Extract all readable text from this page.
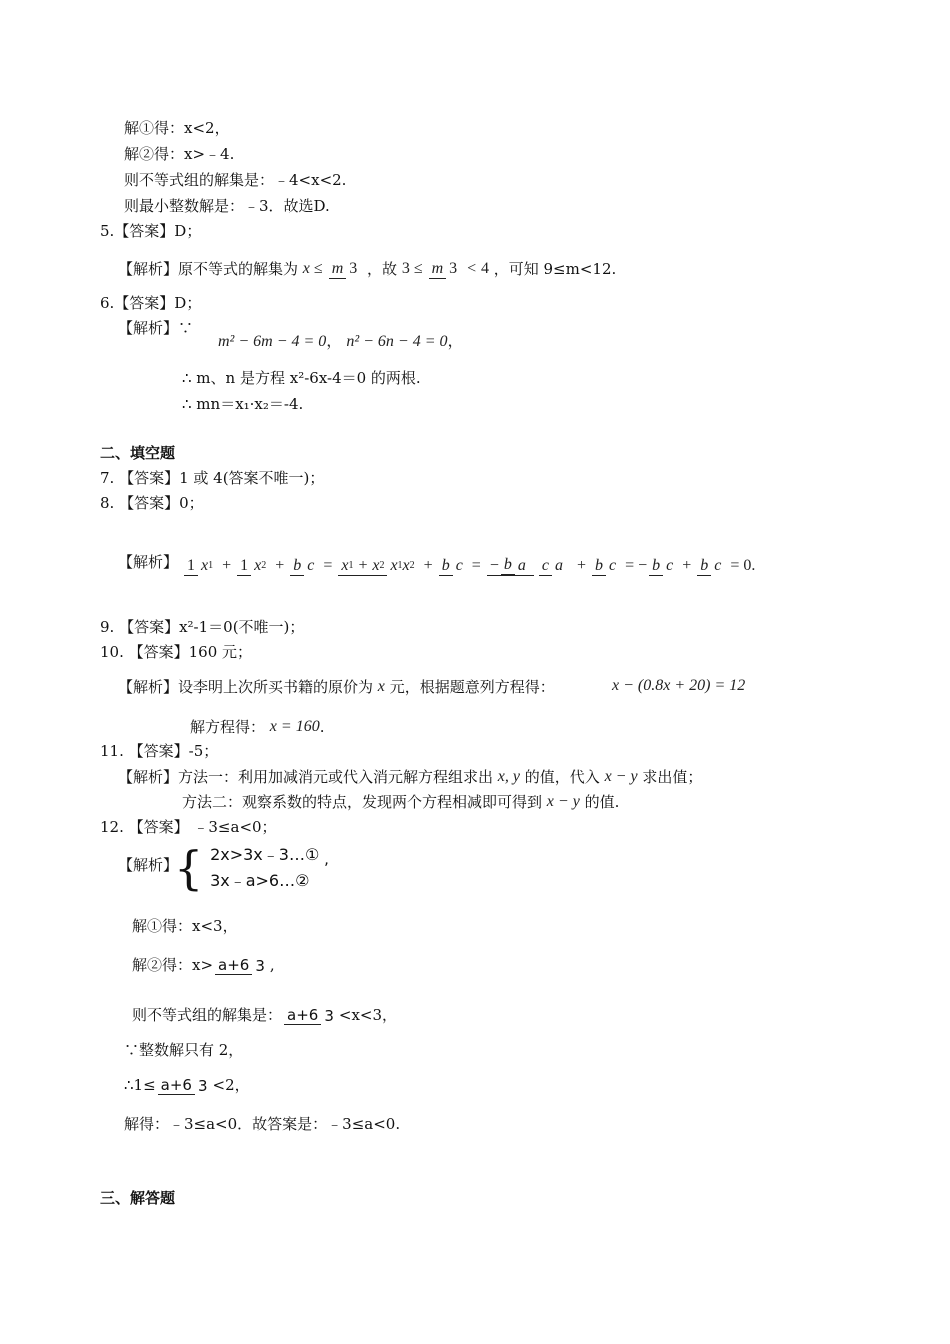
解①得：x<2，
解②得：x>﹣4.
则不等式组的解集是：﹣4<x<2.
则最小整数解是：﹣3．故选D.
5.【答案】D；
【解析】原不等式的解集为 x ≤ m 3 ，故 3 ≤ m 3 < 4 ，可知 9≤m<12.
6.【答案】D；
【解析】∵
m² − 6m − 4 = 0， n² − 6n − 4 = 0，
∴ m、n 是方程 x²-6x-4＝0 的两根.
∴ mn＝x₁·x₂＝-4.
二、填空题
7. 【答案】1 或 4(答案不唯一)；
8. 【答案】0；
【解析】 1 x1 + 1 x2 + b c = x1 + x2 x1x2 + b c = − b a c a + b c = − b c + b c = 0.
9. 【答案】x²-1＝0(不唯一)；
10. 【答案】160 元；
【解析】设李明上次所买书籍的原价为 x 元，根据题意列方程得：	x − (0.8x + 20) = 12
解方程得： x = 160.
11. 【答案】-5；
【解析】方法一：利用加减消元或代入消元解方程组求出 x, y 的值，代入 x − y 求出值；
方法二：观察系数的特点，发现两个方程相减即可得到 x − y 的值.
12. 【答案】 ﹣3≤a<0；
【解析】
{ 2x>3x﹣3…①
3x﹣a>6…②
,
解①得：x<3，
解②得：x> a+6 3 ,
则不等式组的解集是： a+6 3 <x<3，
∵整数解只有 2，
∴1≤ a+6 3 <2，
解得：﹣3≤a<0．故答案是：﹣3≤a<0.
三、解答题
